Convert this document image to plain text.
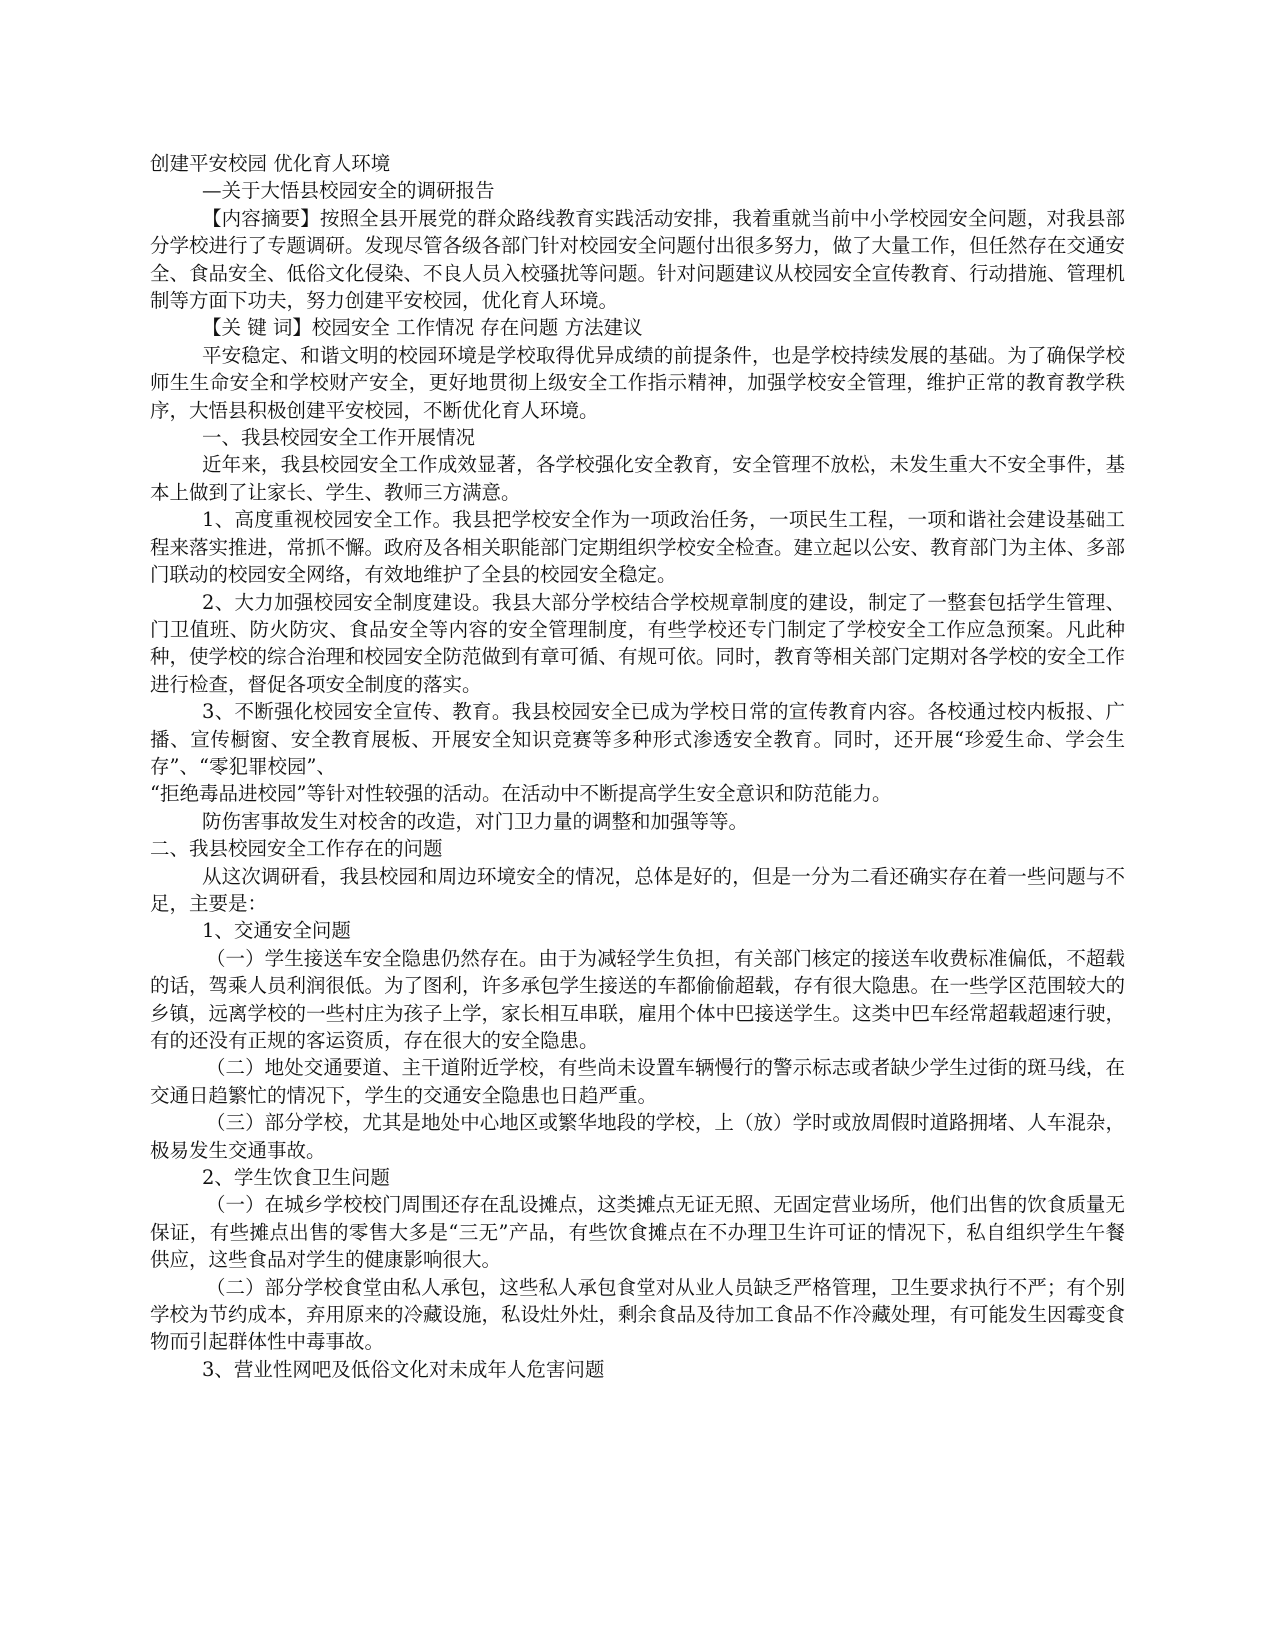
创建平安校园 优化育人环境

—关于大悟县校园安全的调研报告

【内容摘要】按照全县开展党的群众路线教育实践活动安排，我着重就当前中小学校园安全问题，对我县部分学校进行了专题调研。发现尽管各级各部门针对校园安全问题付出很多努力，做了大量工作，但任然存在交通安全、食品安全、低俗文化侵染、不良人员入校骚扰等问题。针对问题建议从校园安全宣传教育、行动措施、管理机制等方面下功夫，努力创建平安校园，优化育人环境。

【关 键 词】校园安全 工作情况 存在问题 方法建议

平安稳定、和谐文明的校园环境是学校取得优异成绩的前提条件，也是学校持续发展的基础。为了确保学校师生生命安全和学校财产安全，更好地贯彻上级安全工作指示精神，加强学校安全管理，维护正常的教育教学秩序，大悟县积极创建平安校园，不断优化育人环境。

一、我县校园安全工作开展情况

近年来，我县校园安全工作成效显著，各学校强化安全教育，安全管理不放松，未发生重大不安全事件，基本上做到了让家长、学生、教师三方满意。

1、高度重视校园安全工作。我县把学校安全作为一项政治任务，一项民生工程，一项和谐社会建设基础工程来落实推进，常抓不懈。政府及各相关职能部门定期组织学校安全检查。建立起以公安、教育部门为主体、多部门联动的校园安全网络，有效地维护了全县的校园安全稳定。

2、大力加强校园安全制度建设。我县大部分学校结合学校规章制度的建设，制定了一整套包括学生管理、门卫值班、防火防灾、食品安全等内容的安全管理制度，有些学校还专门制定了学校安全工作应急预案。凡此种种，使学校的综合治理和校园安全防范做到有章可循、有规可依。同时，教育等相关部门定期对各学校的安全工作进行检查，督促各项安全制度的落实。

3、不断强化校园安全宣传、教育。我县校园安全已成为学校日常的宣传教育内容。各校通过校内板报、广播、宣传橱窗、安全教育展板、开展安全知识竞赛等多种形式渗透安全教育。同时，还开展“珍爱生命、学会生存”、“零犯罪校园”、

“拒绝毒品进校园”等针对性较强的活动。在活动中不断提高学生安全意识和防范能力。

防伤害事故发生对校舍的改造，对门卫力量的调整和加强等等。

二、我县校园安全工作存在的问题

从这次调研看，我县校园和周边环境安全的情况，总体是好的，但是一分为二看还确实存在着一些问题与不足，主要是：

1、交通安全问题

（一）学生接送车安全隐患仍然存在。由于为减轻学生负担，有关部门核定的接送车收费标准偏低，不超载的话，驾乘人员利润很低。为了图利，许多承包学生接送的车都偷偷超载，存有很大隐患。在一些学区范围较大的乡镇，远离学校的一些村庄为孩子上学，家长相互串联，雇用个体中巴接送学生。这类中巴车经常超载超速行驶，有的还没有正规的客运资质，存在很大的安全隐患。

（二）地处交通要道、主干道附近学校，有些尚未设置车辆慢行的警示标志或者缺少学生过街的斑马线，在交通日趋繁忙的情况下，学生的交通安全隐患也日趋严重。

（三）部分学校，尤其是地处中心地区或繁华地段的学校，上（放）学时或放周假时道路拥堵、人车混杂，极易发生交通事故。

2、学生饮食卫生问题

（一）在城乡学校校门周围还存在乱设摊点，这类摊点无证无照、无固定营业场所，他们出售的饮食质量无保证，有些摊点出售的零售大多是“三无”产品，有些饮食摊点在不办理卫生许可证的情况下，私自组织学生午餐供应，这些食品对学生的健康影响很大。

（二）部分学校食堂由私人承包，这些私人承包食堂对从业人员缺乏严格管理，卫生要求执行不严；有个别学校为节约成本，弃用原来的冷藏设施，私设灶外灶，剩余食品及待加工食品不作冷藏处理，有可能发生因霉变食物而引起群体性中毒事故。

3、营业性网吧及低俗文化对未成年人危害问题
